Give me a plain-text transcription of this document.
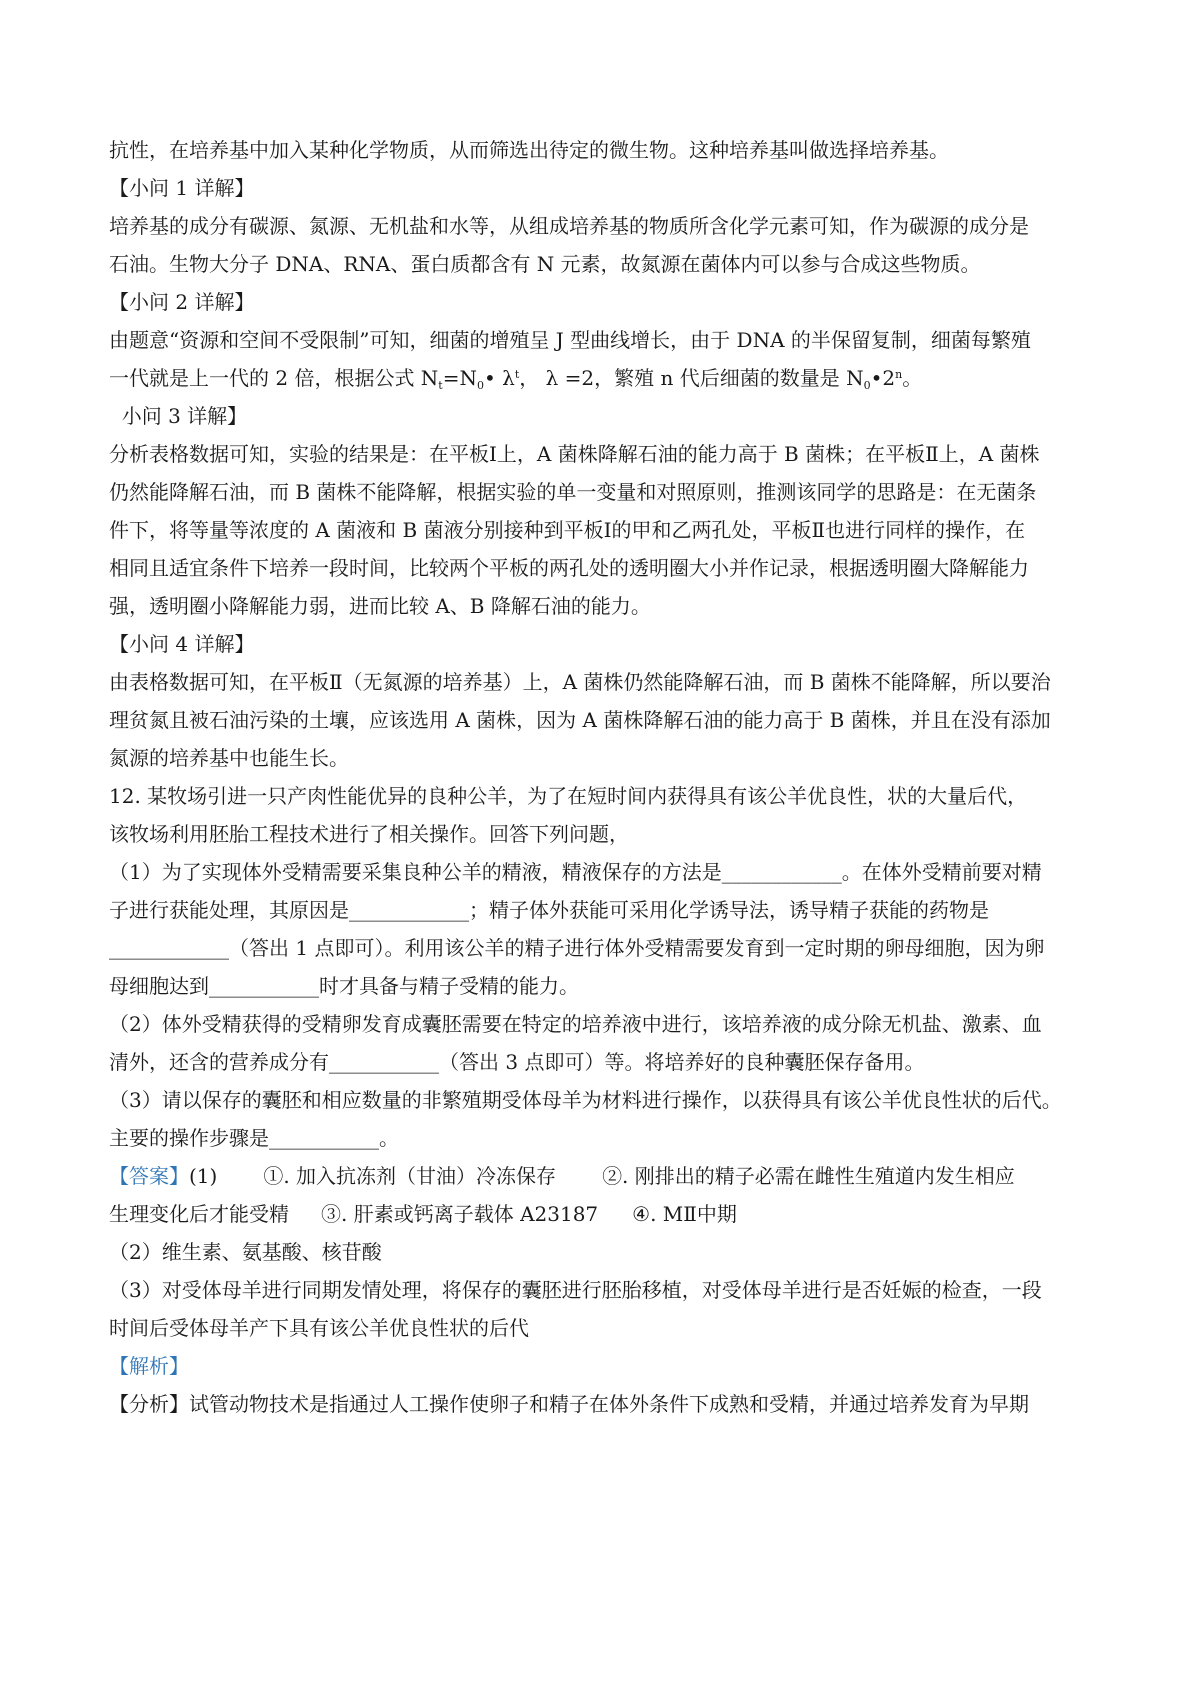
抗性，在培养基中加入某种化学物质，从而筛选出待定的微生物。这种培养基叫做选择培养基。
【小问 1 详解】
培养基的成分有碳源、氮源、无机盐和水等，从组成培养基的物质所含化学元素可知，作为碳源的成分是
石油。生物大分子 DNA、RNA、蛋白质都含有 N 元素，故氮源在菌体内可以参与合成这些物质。
【小问 2 详解】
由题意“资源和空间不受限制”可知，细菌的增殖呈 J 型曲线增长，由于 DNA 的半保留复制，细菌每繁殖
一代就是上一代的 2 倍，根据公式 $N_t=N_0•$ $\lambda^t$， λ =2，繁殖 n 代后细菌的数量是 $N_0•2^n$。
小问 3 详解】
分析表格数据可知，实验的结果是：在平板Ⅰ上，A 菌株降解石油的能力高于 B 菌株；在平板Ⅱ上，A 菌株
仍然能降解石油，而 B 菌株不能降解，根据实验的单一变量和对照原则，推测该同学的思路是：在无菌条
件下，将等量等浓度的 A 菌液和 B 菌液分别接种到平板Ⅰ的甲和乙两孔处，平板Ⅱ也进行同样的操作，在
相同且适宜条件下培养一段时间，比较两个平板的两孔处的透明圈大小并作记录，根据透明圈大降解能力
强，透明圈小降解能力弱，进而比较 A、B 降解石油的能力。
【小问 4 详解】
由表格数据可知，在平板Ⅱ（无氮源的培养基）上，A 菌株仍然能降解石油，而 B 菌株不能降解，所以要治
理贫氮且被石油污染的土壤，应该选用 A 菌株，因为 A 菌株降解石油的能力高于 B 菌株，并且在没有添加
氮源的培养基中也能生长。
12. 某牧场引进一只产肉性能优异的良种公羊，为了在短时间内获得具有该公羊优良性，状的大量后代，
该牧场利用胚胎工程技术进行了相关操作。回答下列问题，
（1）为了实现体外受精需要采集良种公羊的精液，精液保存的方法是____________。在体外受精前要对精
子进行获能处理，其原因是____________；精子体外获能可采用化学诱导法，诱导精子获能的药物是
____________（答出 1 点即可）。利用该公羊的精子进行体外受精需要发育到一定时期的卵母细胞，因为卵
母细胞达到___________时才具备与精子受精的能力。
（2）体外受精获得的受精卵发育成囊胚需要在特定的培养液中进行，该培养液的成分除无机盐、激素、血
清外，还含的营养成分有___________（答出 3 点即可）等。将培养好的良种囊胚保存备用。
（3）请以保存的囊胚和相应数量的非繁殖期受体母羊为材料进行操作，以获得具有该公羊优良性状的后代。
主要的操作步骤是___________。
【答案】(1) ①. 加入抗冻剂（甘油）冷冻保存 ②. 刚排出的精子必需在雌性生殖道内发生相应
生理变化后才能受精 ③. 肝素或钙离子载体 A23187 ④. MⅡ中期
（2）维生素、氨基酸、核苷酸
（3）对受体母羊进行同期发情处理，将保存的囊胚进行胚胎移植，对受体母羊进行是否妊娠的检查，一段
时间后受体母羊产下具有该公羊优良性状的后代
【解析】
【分析】试管动物技术是指通过人工操作使卵子和精子在体外条件下成熟和受精，并通过培养发育为早期
